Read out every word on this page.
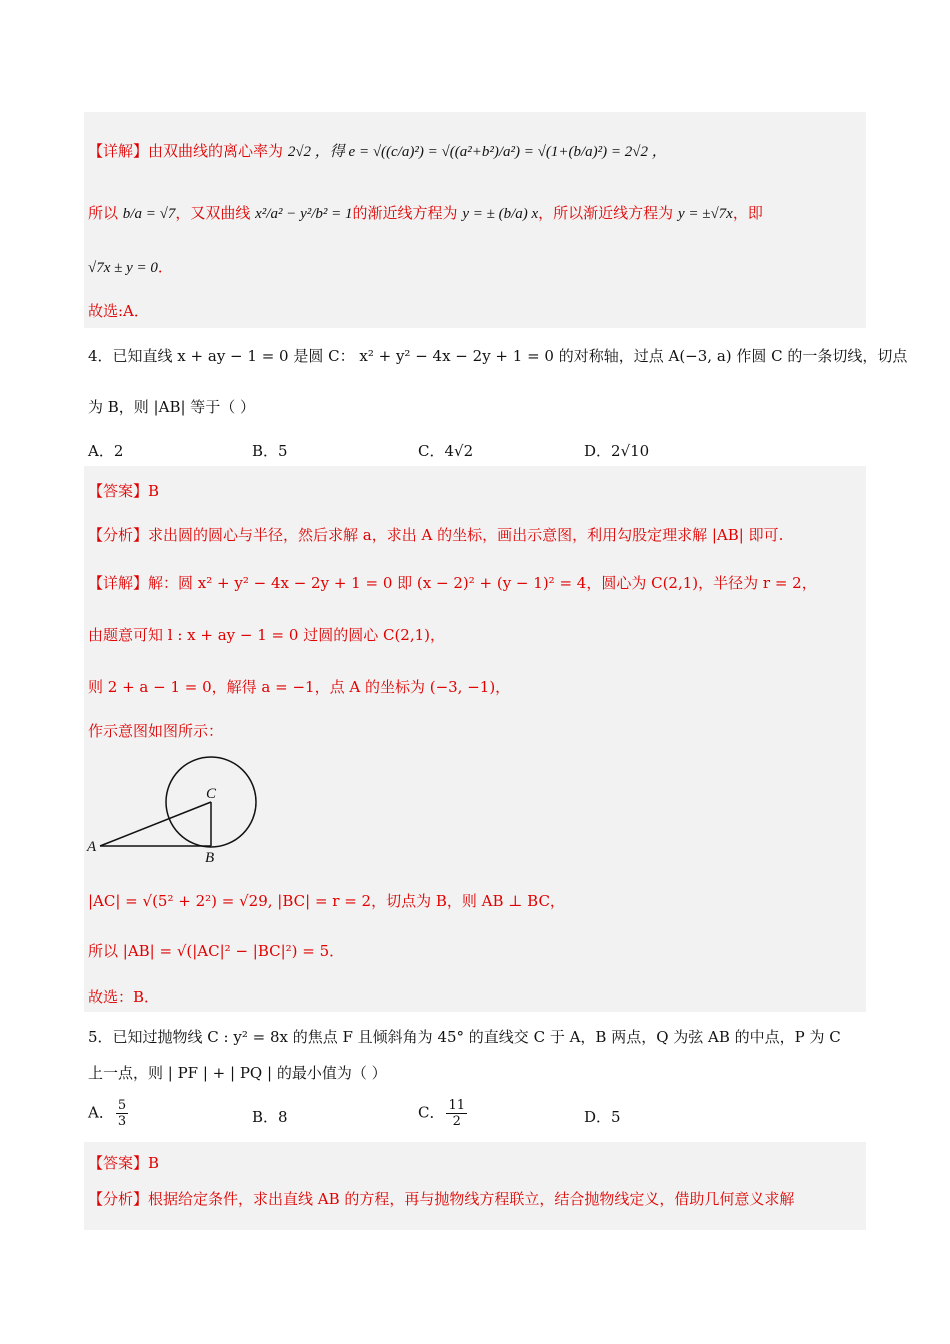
【详解】由双曲线的离心率为 2√2 ，得 e = √((c/a)²) = √((a²+b²)/a²) = √(1+(b/a)²) = 2√2 ，
所以 b/a = √7，又双曲线 x²/a² − y²/b² = 1的渐近线方程为 y = ± (b/a) x，所以渐近线方程为 y = ±√7x，即
√7x ± y = 0．
故选:A．
4．已知直线 x + ay − 1 = 0 是圆 C： x² + y² − 4x − 2y + 1 = 0 的对称轴，过点 A(−3, a) 作圆 C 的一条切线，切点
为 B，则 |AB| 等于（ ）
A．2	B．5	C．4√2	D．2√10
【答案】B
【分析】求出圆的圆心与半径，然后求解 a，求出 A 的坐标，画出示意图，利用勾股定理求解 |AB| 即可.
【详解】解：圆 x² + y² − 4x − 2y + 1 = 0 即 (x − 2)² + (y − 1)² = 4，圆心为 C(2,1)，半径为 r = 2，
由题意可知 l : x + ay − 1 = 0 过圆的圆心 C(2,1)，
则 2 + a − 1 = 0，解得 a = −1，点 A 的坐标为 (−3, −1)，
作示意图如图所示：
|AC| = √(5² + 2²) = √29, |BC| = r = 2，切点为 B，则 AB ⊥ BC，
所以 |AB| = √(|AC|² − |BC|²) = 5．
故选：B．
C
A
B
5．已知过抛物线 C : y² = 8x 的焦点 F 且倾斜角为 45° 的直线交 C 于 A，B 两点，Q 为弦 AB 的中点，P 为 C
上一点，则 | PF | + | PQ | 的最小值为（ ）
A． $\frac{5}{3}$	B．8	C． $\frac{11}{2}$	D．5
【答案】B
【分析】根据给定条件，求出直线 AB 的方程，再与抛物线方程联立，结合抛物线定义，借助几何意义求解
